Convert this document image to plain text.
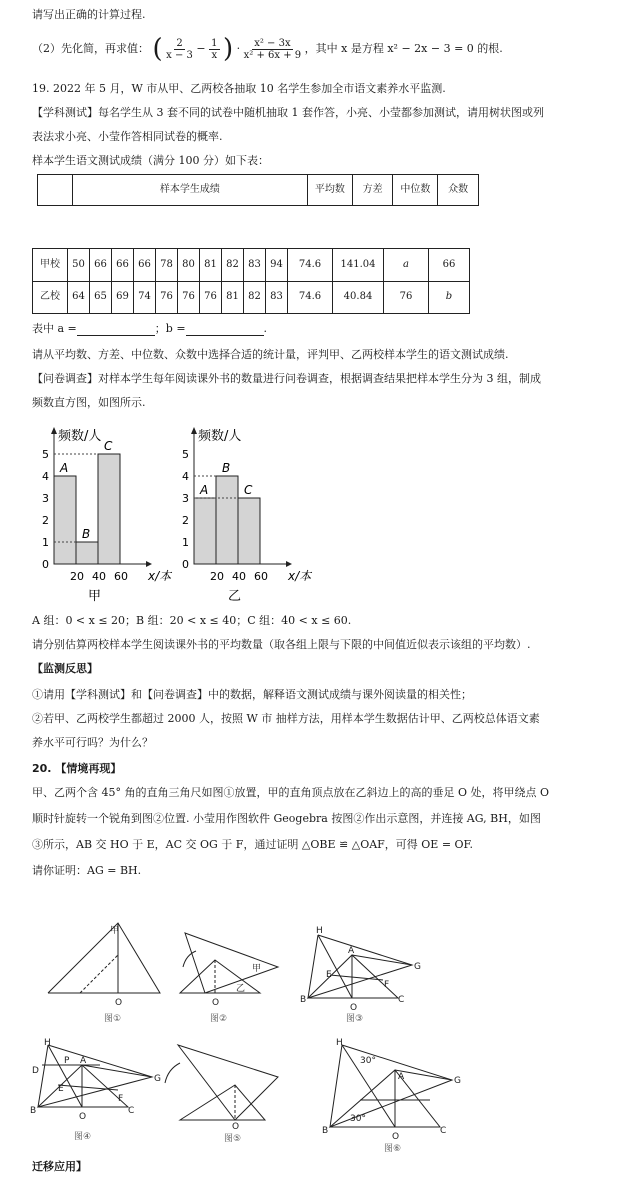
请写出正确的计算过程.
（2）先化简，再求值： ( $\frac{2}{x - 3} - \frac{1}{x}$ ) · $\frac{\text{x² − 3x}}{\text{x² + 6x + 9}}$ ，其中 x 是方程 x² − 2x − 3 = 0 的根.
19. 2022 年 5 月，W 市从甲、乙两校各抽取 10 名学生参加全市语文素养水平监测.
【学科测试】每名学生从 3 套不同的试卷中随机抽取 1 套作答，小亮、小莹都参加测试，请用树状图或列
表法求小亮、小莹作答相同试卷的概率.
样本学生语文测试成绩（满分 100 分）如下表：
	样本学生成绩	平均数	方差	中位数	众数
甲校	50	66	66	66	78	80	81	82	83	94	74.6	141.04	a	66
乙校	64	65	69	74	76	76	76	81	82	83	74.6	40.84	76	b
表中 a =	；b =	.
请从平均数、方差、中位数、众数中选择合适的统计量，评判甲、乙两校样本学生的语文测试成绩.
【问卷调查】对样本学生每年阅读课外书的数量进行问卷调查，根据调查结果把样本学生分为 3 组，制成
频数直方图，如图所示.
频数/人
x/本
0
1
2
3
4
5
A
B
C
20 40 60
甲
频数/人
x/本
0
1
2
3
4
5
A
B
C
20 40 60
乙
A 组：0 < x ≤ 20；B 组：20 < x ≤ 40；C 组：40 < x ≤ 60.
请分别估算两校样本学生阅读课外书的平均数量（取各组上限与下限的中间值近似表示该组的平均数）.
【监测反思】
①请用【学科测试】和【问卷调查】中的数据，解释语文测试成绩与课外阅读量的相关性；
②若甲、乙两校学生都超过 2000 人，按照 W 市 抽样方法，用样本学生数据估计甲、乙两校总体语文素
养水平可行吗？为什么？
20. 【情境再现】
甲、乙两个含 45° 角的直角三角尺如图①放置，甲的直角顶点放在乙斜边上的高的垂足 O 处，将甲绕点 O
顺时针旋转一个锐角到图②位置. 小莹用作图软件 Geogebra 按图②作出示意图，并连接 AG, BH，如图
③所示，AB 交 HO 于 E，AC 交 OG 于 F，通过证明 △OBE ≌ △OAF，可得 OE = OF.
请你证明：AG = BH.
甲
O
甲
乙
O
H
A
G
E
F
B
O
C
H
D
P A
G
E
F
B
O
C
O
H
30°
A	G
30°
B
O
C
图①	图②	图③
图④	图⑤
图⑥
迁移应用】
